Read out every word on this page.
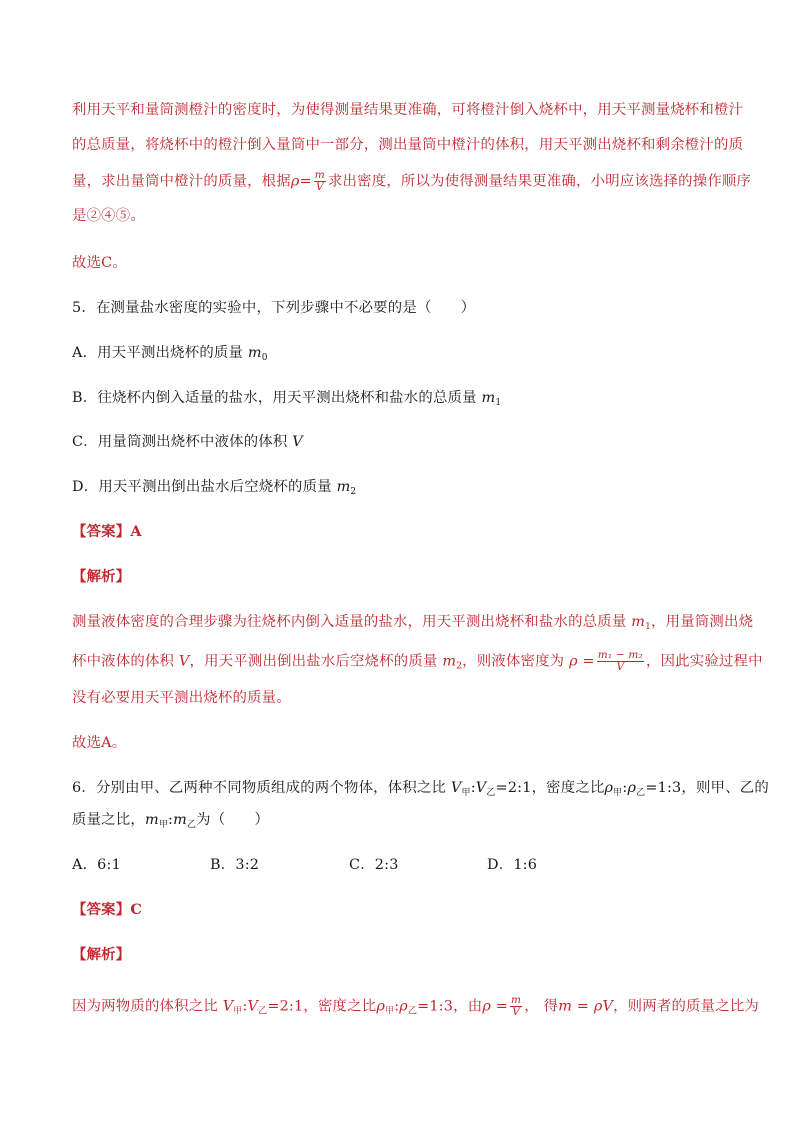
利用天平和量筒测橙汁的密度时，为使得测量结果更准确，可将橙汁倒入烧杯中，用天平测量烧杯和橙汁
的总质量，将烧杯中的橙汁倒入量筒中一部分，测出量筒中橙汁的体积，用天平测出烧杯和剩余橙汁的质
量，求出量筒中橙汁的质量，根据$\rho= \frac{m}{V}$ 求出密度，所以为使得测量结果更准确，小明应该选择的操作顺序
是②④⑤。
故选C。
5．在测量盐水密度的实验中，下列步骤中不必要的是（　　）
A．用天平测出烧杯的质量 $m_0$
B．往烧杯内倒入适量的盐水，用天平测出烧杯和盐水的总质量 $m_1$
C．用量筒测出烧杯中液体的体积 V
D．用天平测出倒出盐水后空烧杯的质量 $m_2$
【答案】A
【解析】
测量液体密度的合理步骤为往烧杯内倒入适量的盐水，用天平测出烧杯和盐水的总质量 $m_1$，用量筒测出烧
杯中液体的体积 V，用天平测出倒出盐水后空烧杯的质量 $m_2$，则液体密度为 $\rho = \frac{\text{m₁ − m₂}}{V}$ ，因此实验过程中
没有必要用天平测出烧杯的质量。
故选A。
6．分别由甲、乙两种不同物质组成的两个物体，体积之比 $V_甲:V_乙=2:1$，密度之比$\rho_甲:\rho_乙=1:3$，则甲、乙的
质量之比，$m_甲:m_乙$为（　　）
A．6:1	B．3:2	C．2:3	D．1:6
【答案】C
【解析】
因为两物质的体积之比 $V_甲:V_乙=2:1$，密度之比$\rho_甲:\rho_乙=1:3$，由$\rho = \frac{m}{V}$ ， 得m = ρV，则两者的质量之比为
